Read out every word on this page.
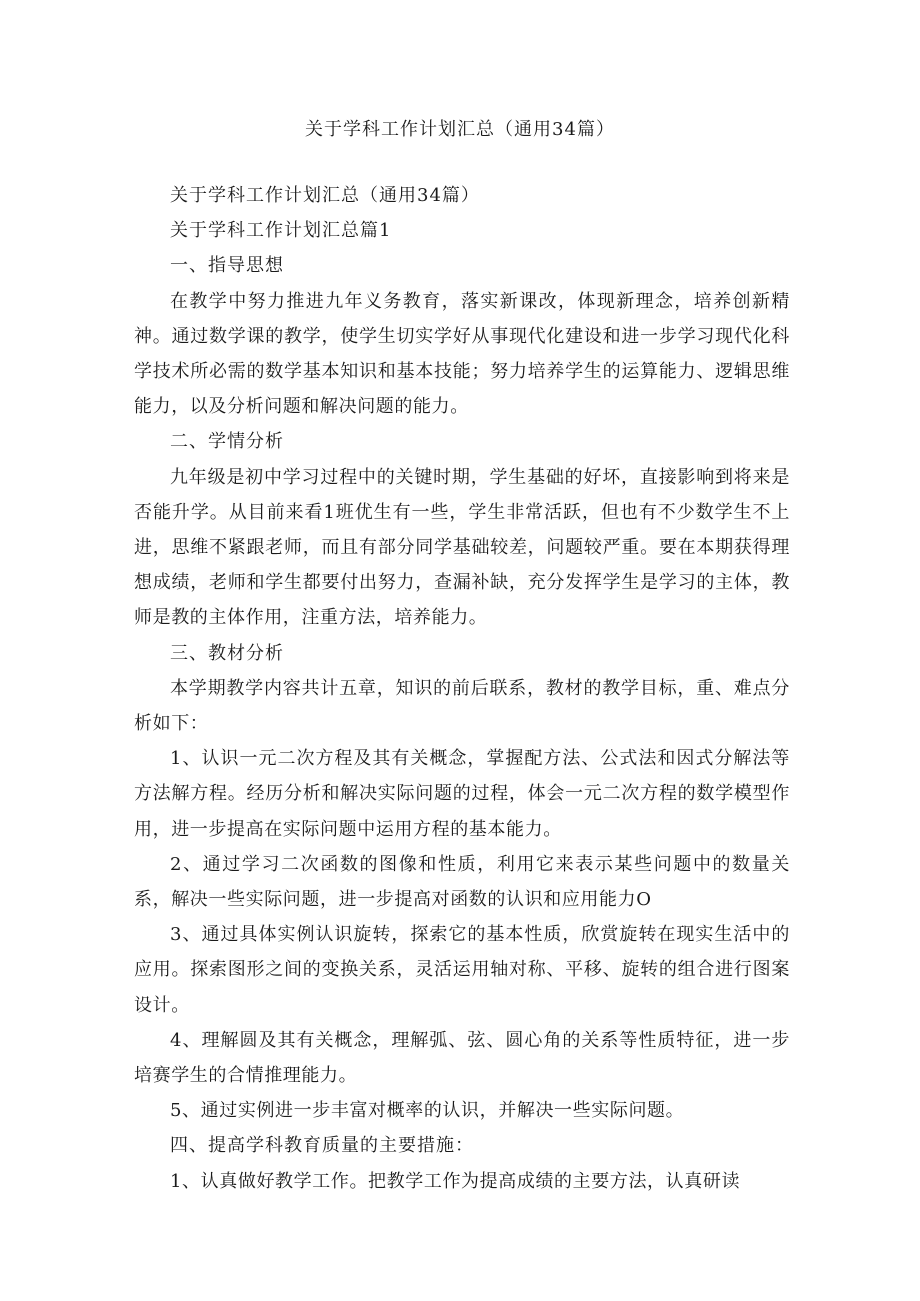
关于学科工作计划汇总（通用34篇）

关于学科工作计划汇总（通用34篇）

关于学科工作计划汇总篇1

一、指导思想

在教学中努力推进九年义务教育，落实新课改，体现新理念，培养创新精神。通过数学课的教学，使学生切实学好从事现代化建设和进一步学习现代化科学技术所必需的数学基本知识和基本技能；努力培养学生的运算能力、逻辑思维能力，以及分析问题和解决问题的能力。

二、学情分析

九年级是初中学习过程中的关键时期，学生基础的好坏，直接影响到将来是否能升学。从目前来看1班优生有一些，学生非常活跃，但也有不少数学生不上进，思维不紧跟老师，而且有部分同学基础较差，问题较严重。要在本期获得理想成绩，老师和学生都要付出努力，查漏补缺，充分发挥学生是学习的主体，教师是教的主体作用，注重方法，培养能力。

三、教材分析

本学期教学内容共计五章，知识的前后联系，教材的教学目标，重、难点分析如下：

1、认识一元二次方程及其有关概念，掌握配方法、公式法和因式分解法等方法解方程。经历分析和解决实际问题的过程，体会一元二次方程的数学模型作用，进一步提高在实际问题中运用方程的基本能力。

2、通过学习二次函数的图像和性质，利用它来表示某些问题中的数量关系，解决一些实际问题，进一步提高对函数的认识和应用能力O

3、通过具体实例认识旋转，探索它的基本性质，欣赏旋转在现实生活中的应用。探索图形之间的变换关系，灵活运用轴对称、平移、旋转的组合进行图案设计。

4、理解圆及其有关概念，理解弧、弦、圆心角的关系等性质特征，进一步培赛学生的合情推理能力。

5、通过实例进一步丰富对概率的认识，并解决一些实际问题。

四、提高学科教育质量的主要措施：

1、认真做好教学工作。把教学工作为提高成绩的主要方法，认真研读
